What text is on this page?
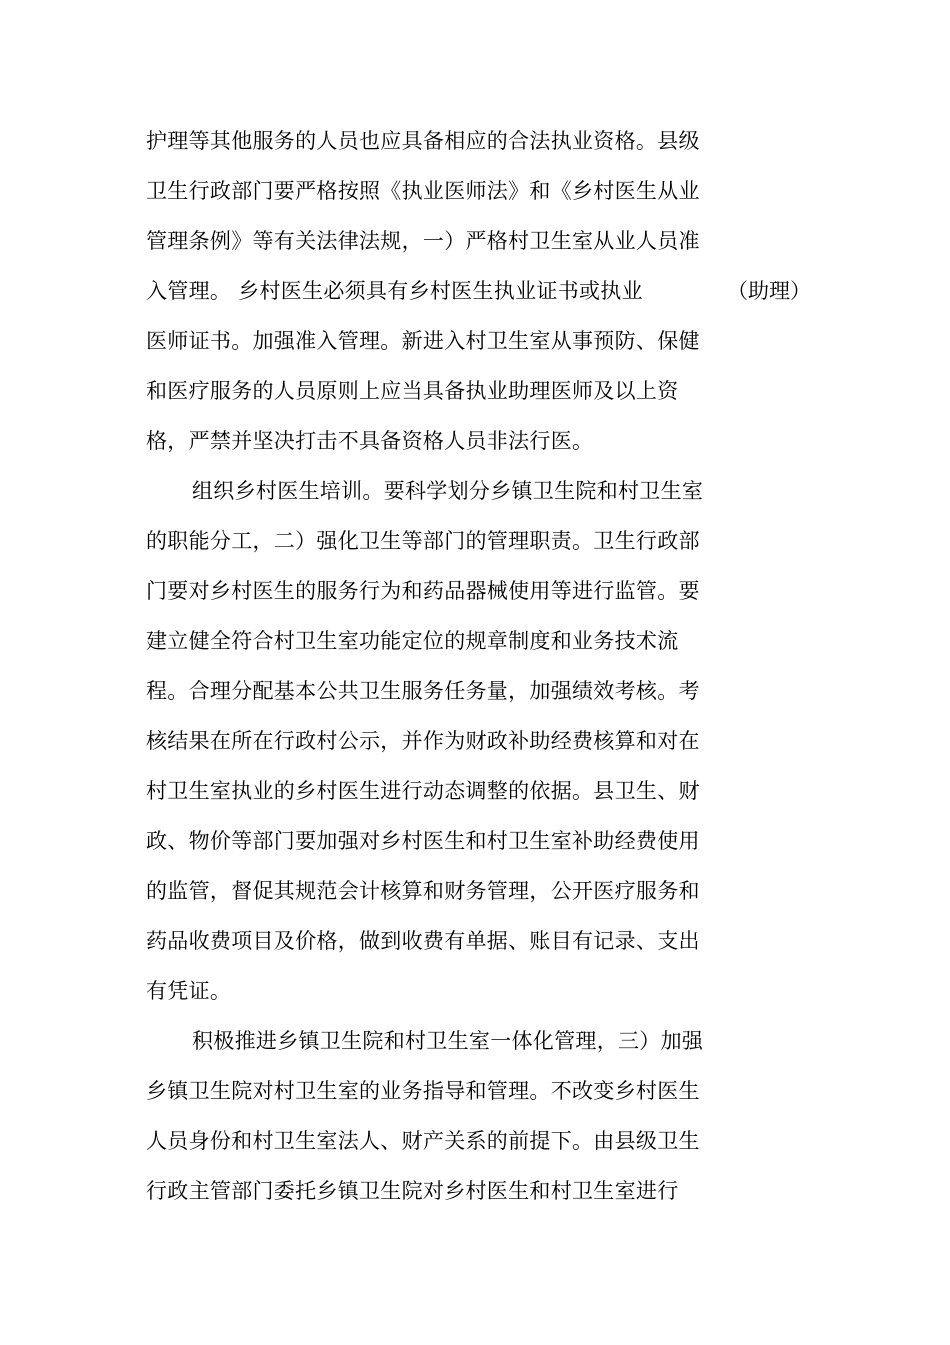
护理等其他服务的人员也应具备相应的合法执业资格。县级
卫生行政部门要严格按照《执业医师法》和《乡村医生从业
管理条例》等有关法律法规，一）严格村卫生室从业人员准
入管理。 乡村医生必须具有乡村医生执业证书或执业	（助理）
医师证书。加强准入管理。新进入村卫生室从事预防、保健
和医疗服务的人员原则上应当具备执业助理医师及以上资
格，严禁并坚决打击不具备资格人员非法行医。
组织乡村医生培训。要科学划分乡镇卫生院和村卫生室
的职能分工，二）强化卫生等部门的管理职责。卫生行政部
门要对乡村医生的服务行为和药品器械使用等进行监管。要
建立健全符合村卫生室功能定位的规章制度和业务技术流
程。合理分配基本公共卫生服务任务量，加强绩效考核。考
核结果在所在行政村公示，并作为财政补助经费核算和对在
村卫生室执业的乡村医生进行动态调整的依据。县卫生、财
政、物价等部门要加强对乡村医生和村卫生室补助经费使用
的监管，督促其规范会计核算和财务管理，公开医疗服务和
药品收费项目及价格，做到收费有单据、账目有记录、支出
有凭证。
积极推进乡镇卫生院和村卫生室一体化管理，三）加强
乡镇卫生院对村卫生室的业务指导和管理。不改变乡村医生
人员身份和村卫生室法人、财产关系的前提下。由县级卫生
行政主管部门委托乡镇卫生院对乡村医生和村卫生室进行
